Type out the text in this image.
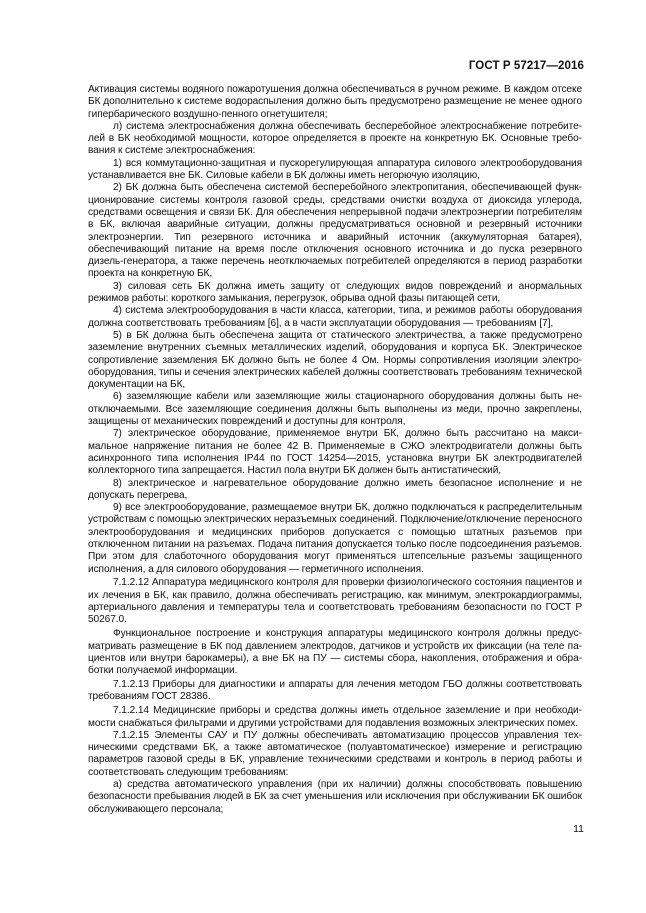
ГОСТ Р 57217—2016

Активация системы водяного пожаротушения должна обеспечиваться в ручном режиме. В каждом отсеке БК дополнительно к системе водораспыления должно быть предусмотрено размещение не менее одного гипербарического воздушно-пенного огнетушителя;

л) система электроснабжения должна обеспечивать бесперебойное электроснабжение потребителей в БК необходимой мощности, которое определяется в проекте на конкретную БК. Основные требования к системе электроснабжения:

1) вся коммутационно-защитная и пускорегулирующая аппаратура силового электрооборудования устанавливается вне БК. Силовые кабели в БК должны иметь негорючую изоляцию,

2) БК должна быть обеспечена системой бесперебойного электропитания, обеспечивающей функционирование системы контроля газовой среды, средствами очистки воздуха от диоксида углерода, средствами освещения и связи БК. Для обеспечения непрерывной подачи электроэнергии потребителям в БК, включая аварийные ситуации, должны предусматриваться основной и резервный источники электроэнергии. Тип резервного источника и аварийный источник (аккумуляторная батарея), обеспечивающий питание на время после отключения основного источника и до пуска резервного дизель-генератора, а также перечень неотключаемых потребителей определяются в период разработки проекта на конкретную БК,

3) силовая сеть БК должна иметь защиту от следующих видов повреждений и анормальных режимов работы: короткого замыкания, перегрузок, обрыва одной фазы питающей сети,

4) система электрооборудования в части класса, категории, типа, и режимов работы оборудования должна соответствовать требованиям [6], а в части эксплуатации оборудования — требованиям [7],

5) в БК должна быть обеспечена защита от статического электричества, а также предусмотрено заземление внутренних съемных металлических изделий, оборудования и корпуса БК. Электрическое сопротивление заземления БК должно быть не более 4 Ом. Нормы сопротивления изоляции электрооборудования, типы и сечения электрических кабелей должны соответствовать требованиям технической документации на БК,

6) заземляющие кабели или заземляющие жилы стационарного оборудования должны быть неотключаемыми. Все заземляющие соединения должны быть выполнены из меди, прочно закреплены, защищены от механических повреждений и доступны для контроля,

7) электрическое оборудование, применяемое внутри БК, должно быть рассчитано на максимальное напряжение питания не более 42 В. Применяемые в СЖО электродвигатели должны быть асинхронного типа исполнения IP44 по ГОСТ 14254—2015, установка внутри БК электродвигателей коллекторного типа запрещается. Настил пола внутри БК должен быть антистатический,

8) электрическое и нагревательное оборудование должно иметь безопасное исполнение и не допускать перегрева,

9) все электрооборудование, размещаемое внутри БК, должно подключаться к распределительным устройствам с помощью электрических неразъемных соединений. Подключение/отключение переносного электрооборудования и медицинских приборов допускается с помощью штатных разъемов при отключенном питании на разъемах. Подача питания допускается только после подсоединения разъемов. При этом для слаботочного оборудования могут применяться штепсельные разъемы защищенного исполнения, а для силового оборудования — герметичного исполнения.

7.1.2.12 Аппаратура медицинского контроля для проверки физиологического состояния пациентов и их лечения в БК, как правило, должна обеспечивать регистрацию, как минимум, электрокардиограммы, артериального давления и температуры тела и соответствовать требованиям безопасности по ГОСТ Р 50267.0.

Функциональное построение и конструкция аппаратуры медицинского контроля должны предусматривать размещение в БК под давлением электродов, датчиков и устройств их фиксации (на теле пациентов или внутри барокамеры), а вне БК на ПУ — системы сбора, накопления, отображения и обработки получаемой информации.

7.1.2.13 Приборы для диагностики и аппараты для лечения методом ГБО должны соответствовать требованиям ГОСТ 28386.

7.1.2.14 Медицинские приборы и средства должны иметь отдельное заземление и при необходимости снабжаться фильтрами и другими устройствами для подавления возможных электрических помех.

7.1.2.15 Элементы САУ и ПУ должны обеспечивать автоматизацию процессов управления техническими средствами БК, а также автоматическое (полуавтоматическое) измерение и регистрацию параметров газовой среды в БК, управление техническими средствами и контроль в период работы и соответствовать следующим требованиям:

а) средства автоматического управления (при их наличии) должны способствовать повышению безопасности пребывания людей в БК за счет уменьшения или исключения при обслуживании БК ошибок обслуживающего персонала;

11
